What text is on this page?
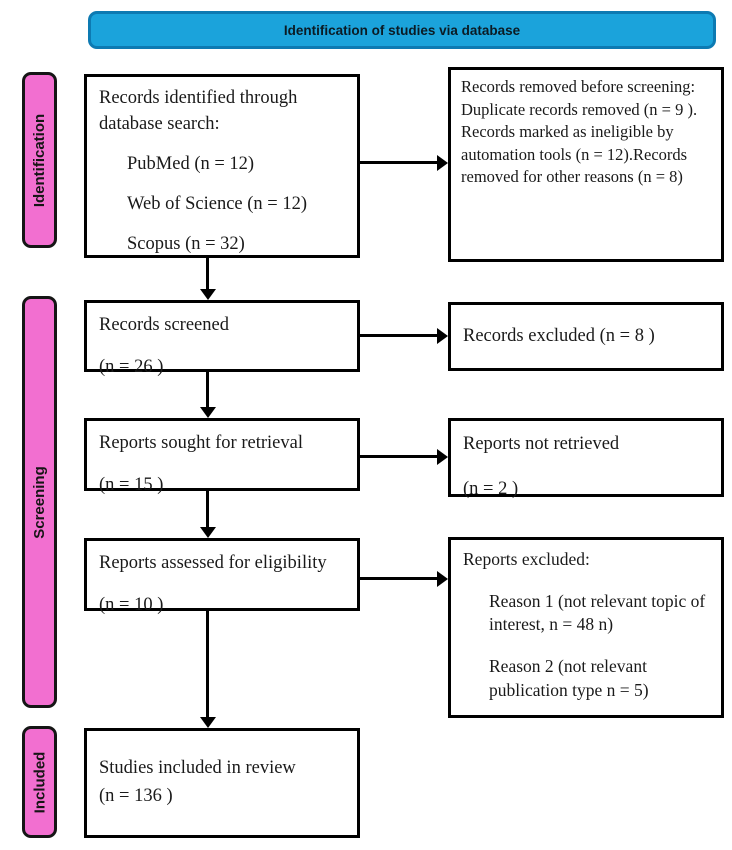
Identification of studies via database
Identification
Screening
Included
Records identified through database search:
PubMed (n = 12)
Web of Science (n = 12)
Scopus (n = 32)
Records removed before screening:
Duplicate records removed (n = 9 ).
Records marked as ineligible by automation tools (n = 12).Records removed for other reasons (n = 8)
Records screened
(n = 26 )
Records excluded (n = 8 )
Reports sought for retrieval
(n = 15 )
Reports not retrieved
(n = 2 )
Reports assessed for eligibility
(n = 10 )
Reports excluded:
Reason 1 (not relevant topic of interest, n = 48 n)
Reason 2 (not relevant publication type n = 5)
Studies included in review
(n = 136 )
